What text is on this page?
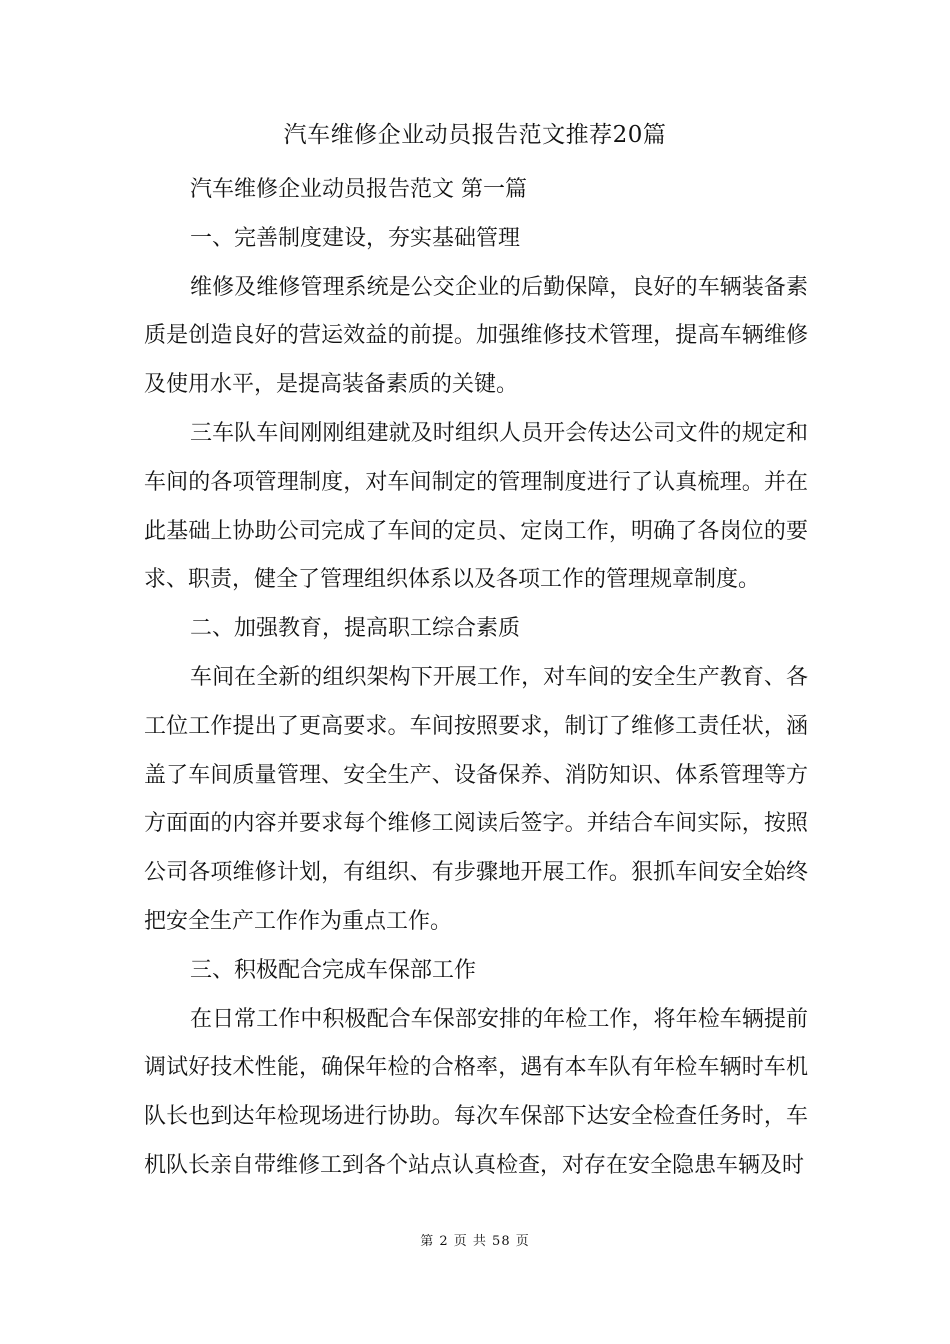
汽车维修企业动员报告范文推荐20篇

汽车维修企业动员报告范文 第一篇

一、完善制度建设，夯实基础管理

维修及维修管理系统是公交企业的后勤保障，良好的车辆装备素质是创造良好的营运效益的前提。加强维修技术管理，提高车辆维修及使用水平，是提高装备素质的关键。

三车队车间刚刚组建就及时组织人员开会传达公司文件的规定和车间的各项管理制度，对车间制定的管理制度进行了认真梳理。并在此基础上协助公司完成了车间的定员、定岗工作，明确了各岗位的要求、职责，健全了管理组织体系以及各项工作的管理规章制度。

二、加强教育，提高职工综合素质

车间在全新的组织架构下开展工作，对车间的安全生产教育、各工位工作提出了更高要求。车间按照要求，制订了维修工责任状，涵盖了车间质量管理、安全生产、设备保养、消防知识、体系管理等方方面面的内容并要求每个维修工阅读后签字。并结合车间实际，按照公司各项维修计划，有组织、有步骤地开展工作。狠抓车间安全始终把安全生产工作作为重点工作。

三、积极配合完成车保部工作

在日常工作中积极配合车保部安排的年检工作，将年检车辆提前调试好技术性能，确保年检的合格率，遇有本车队有年检车辆时车机队长也到达年检现场进行协助。每次车保部下达安全检查任务时，车机队长亲自带维修工到各个站点认真检查，对存在安全隐患车辆及时

第 2 页 共 58 页
